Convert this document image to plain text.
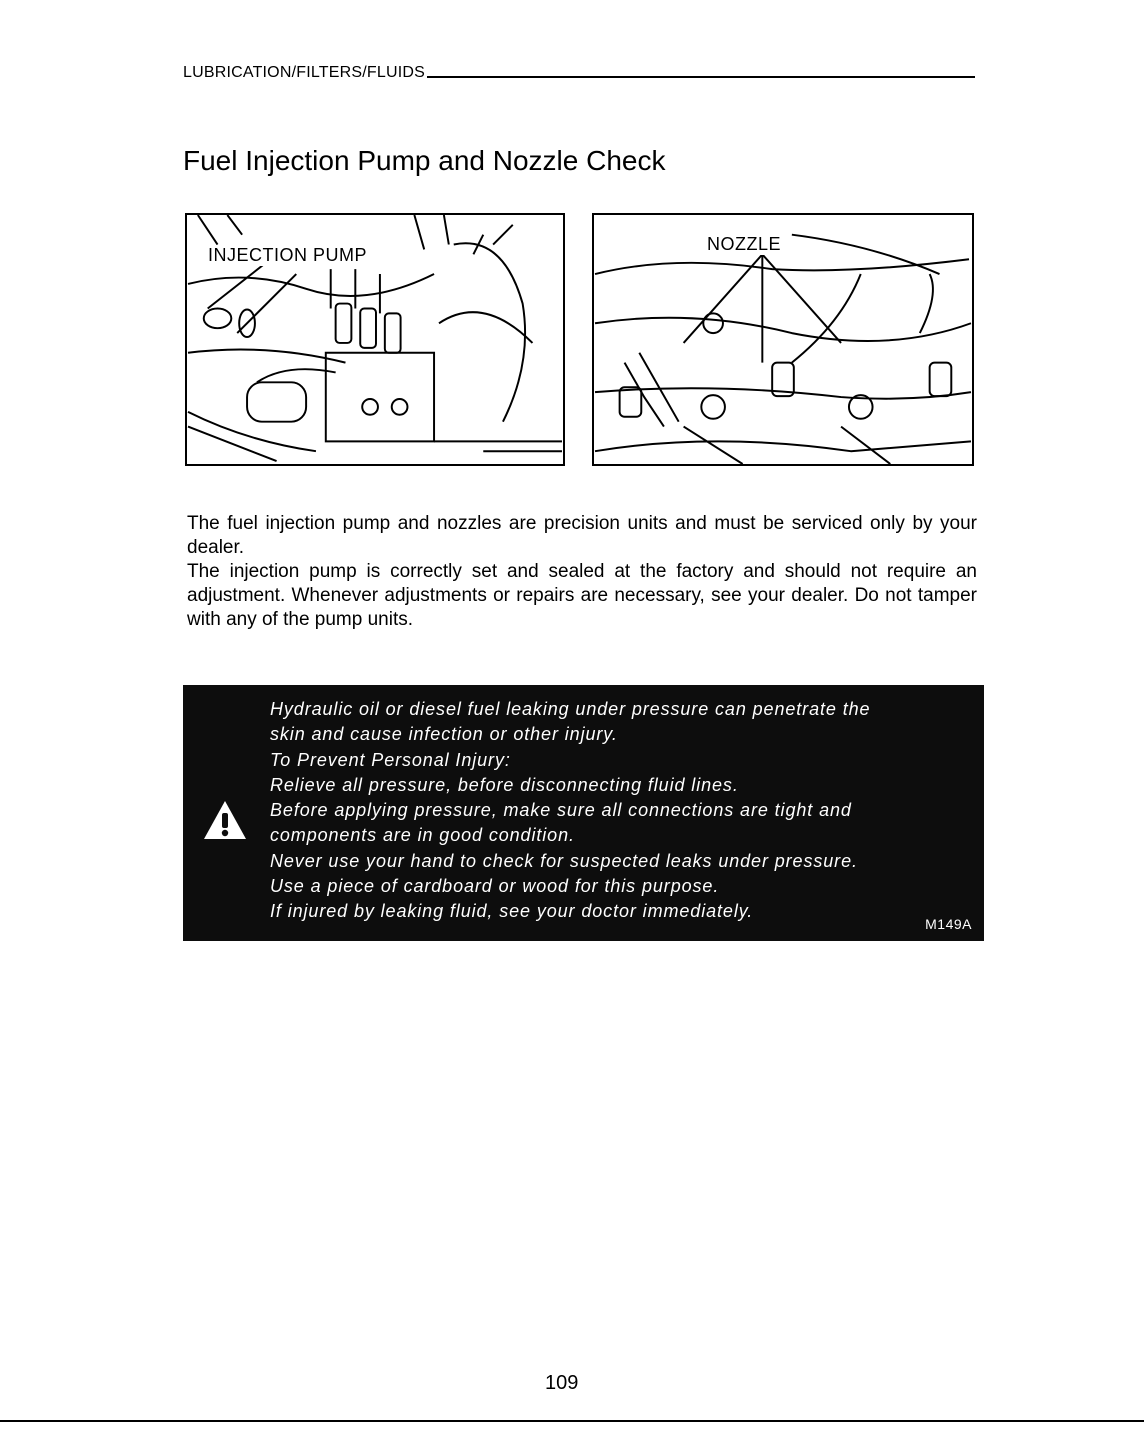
LUBRICATION/FILTERS/FLUIDS
Fuel Injection Pump and Nozzle Check
INJECTION PUMP
NOZZLE

The fuel injection pump and nozzles are precision units and must be serviced only by your dealer.

The injection pump is correctly set and sealed at the factory and should not require an adjustment. Whenever adjustments or repairs are necessary, see your dealer. Do not tamper with any of the pump units.

Hydraulic oil or diesel fuel leaking under pressure can penetrate the
skin and cause infection or other injury.
To Prevent Personal Injury:
Relieve all pressure, before disconnecting fluid lines.
Before applying pressure, make sure all connections are tight and
components are in good condition.
Never use your hand to check for suspected leaks under pressure.
Use a piece of cardboard or wood for this purpose.
If injured by leaking fluid, see your doctor immediately.
M149A
109
